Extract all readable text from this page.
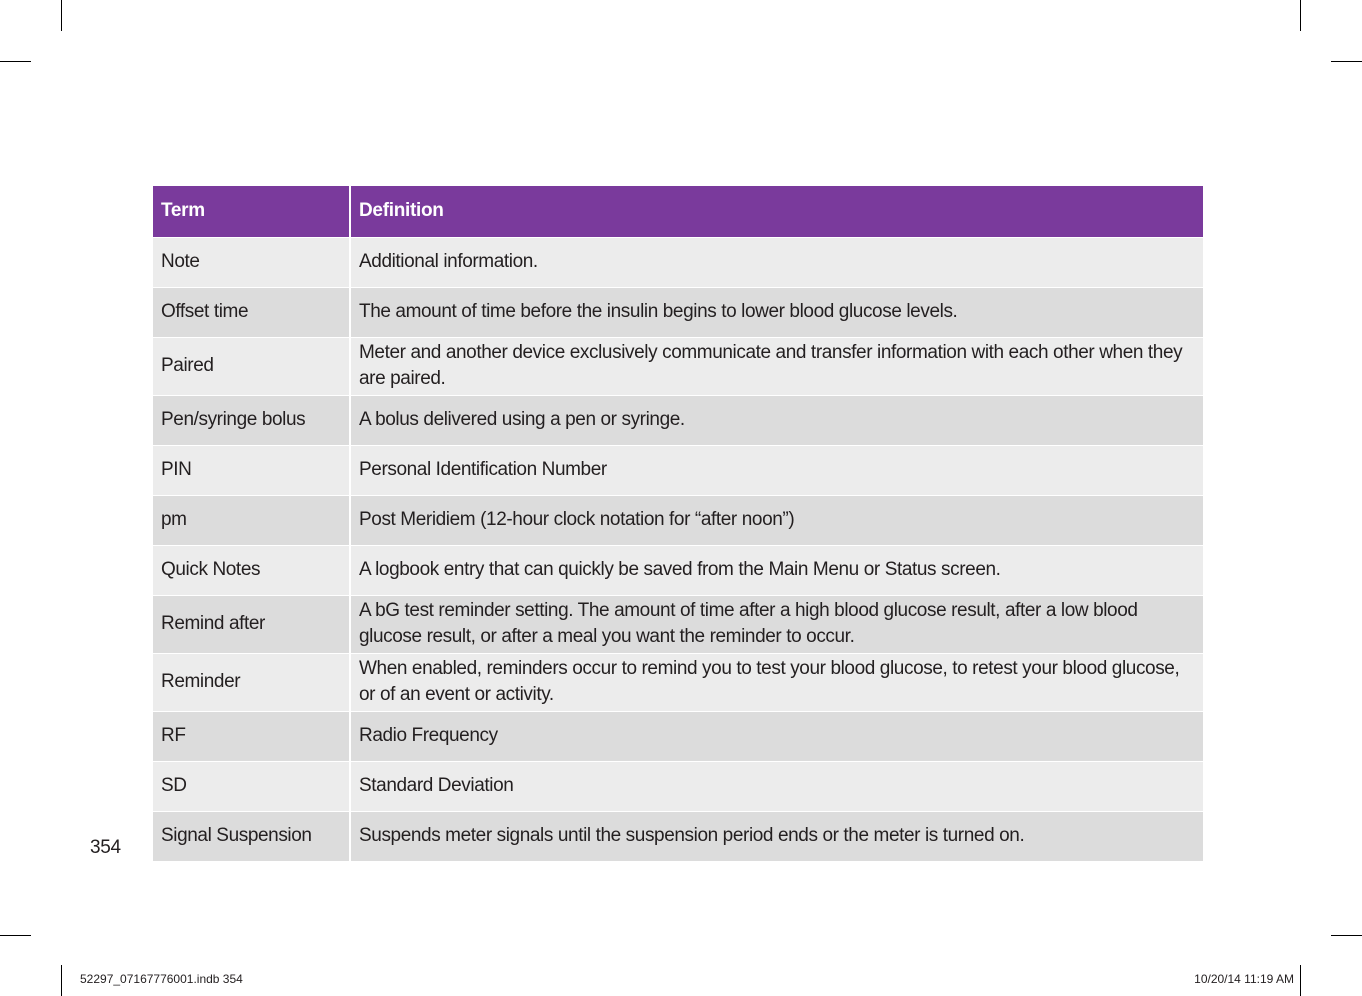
Term	Definition
Note	Additional information.
Offset time	The amount of time before the insulin begins to lower blood glucose levels.
Paired	Meter and another device exclusively communicate and transfer information with each other when they are paired.
Pen/syringe bolus	A bolus delivered using a pen or syringe.
PIN	Personal Identification Number
pm	Post Meridiem (12-hour clock notation for “after noon”)
Quick Notes	A logbook entry that can quickly be saved from the Main Menu or Status screen.
Remind after	A bG test reminder setting. The amount of time after a high blood glucose result, after a low blood glucose result, or after a meal you want the reminder to occur.
Reminder	When enabled, reminders occur to remind you to test your blood glucose, to retest your blood glucose, or of an event or activity.
RF	Radio Frequency
SD	Standard Deviation
Signal Suspension	Suspends meter signals until the suspension period ends or the meter is turned on.
354
52297_07167776001.indb 354	10/20/14 11:19 AM
